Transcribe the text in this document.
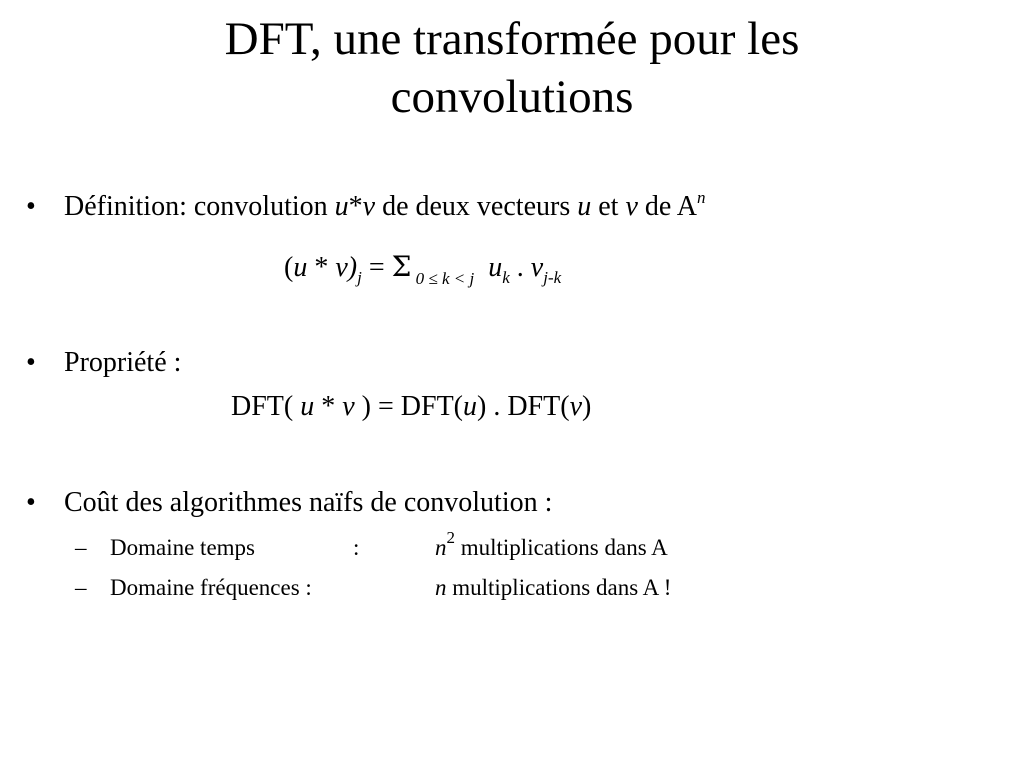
DFT, une transformée pour les
convolutions
• Définition: convolution u*v de deux vecteurs u et v de $A^n$
$(u * v)_j = \Sigma$ $_{0 \le k < j}$ $u_k$ . $v_{j-k}$
• Propriété :
DFT( u * v ) = DFT(u) . DFT(v)
• Coût des algorithmes naïfs de convolution :
– Domaine temps	:	$n^2$ multiplications dans A
– Domaine fréquences :	n multiplications dans A !
